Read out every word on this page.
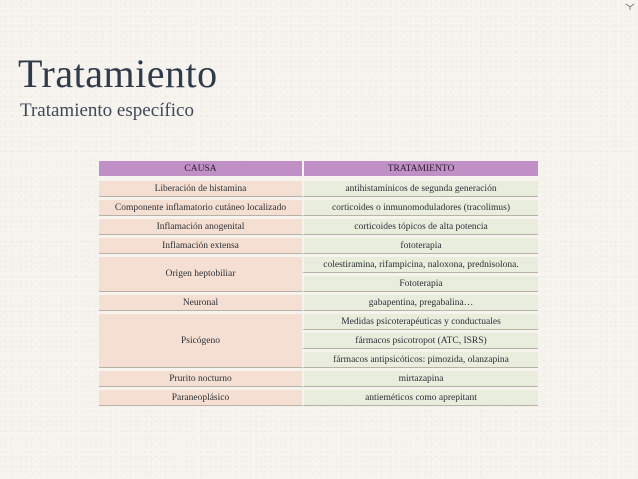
Tratamiento
Tratamiento específico
CAUSA	TRATAMIENTO
Liberación de histamina	antihistamínicos de segunda generación
Componente inflamatorio cutáneo localizado	corticoides o inmunomoduladores (tracolimus)
Inflamación anogenital	corticoides tópicos de alta potencia
Inflamación extensa	fototerapia
Origen heptobiliar	colestiramina, rifampicina, naloxona, prednisolona.
	Fototerapia
Neuronal	gabapentina, pregabalina…
Psicógeno	Medidas psicoterapéuticas y conductuales
	fármacos psicotropot (ATC, ISRS)
	fármacos antipsicóticos: pimozida, olanzapina
Prurito nocturno	mirtazapina
Paraneoplásico	antieméticos como aprepitant
